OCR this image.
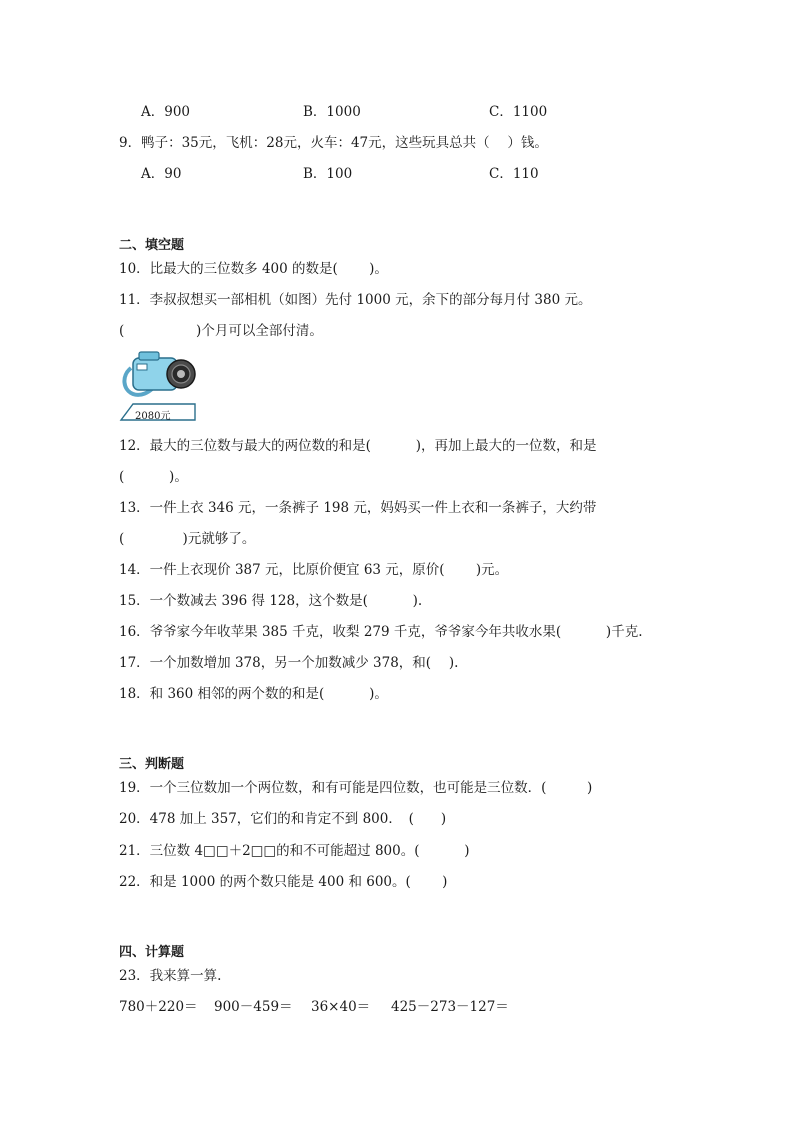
A．900	B．1000	C．1100
9．鸭子：35元，飞机：28元，火车：47元，这些玩具总共（　 ）钱。
A．90	B．100	C．110
二、填空题
10．比最大的三位数多 400 的数是(　　 )。
11．李叔叔想买一部相机（如图）先付 1000 元，余下的部分每月付 380 元。
(　　　　　 )个月可以全部付清。
2080元
12．最大的三位数与最大的两位数的和是(　　　 )，再加上最大的一位数，和是
(　　　 )。
13．一件上衣 346 元，一条裤子 198 元，妈妈买一件上衣和一条裤子，大约带
(　　　　 )元就够了。
14．一件上衣现价 387 元，比原价便宜 63 元，原价(　　 )元。
15．一个数减去 396 得 128，这个数是(　　　 ).
16．爷爷家今年收苹果 385 千克，收梨 279 千克，爷爷家今年共收水果(　　　 )千克.
17．一个加数增加 378，另一个加数减少 378，和(　 ).
18．和 360 相邻的两个数的和是(　　　 )。
三、判断题
19．一个三位数加一个两位数，和有可能是四位数，也可能是三位数．(　　　)
20．478 加上 357，它们的和肯定不到 800．　(　　)
21．三位数 4□□＋2□□的和不可能超过 800。(　　　 )
22．和是 1000 的两个数只能是 400 和 600。(　　 )
四、计算题
23．我来算一算.
780＋220＝ 900－459＝ 36×40＝ 425－273－127＝
